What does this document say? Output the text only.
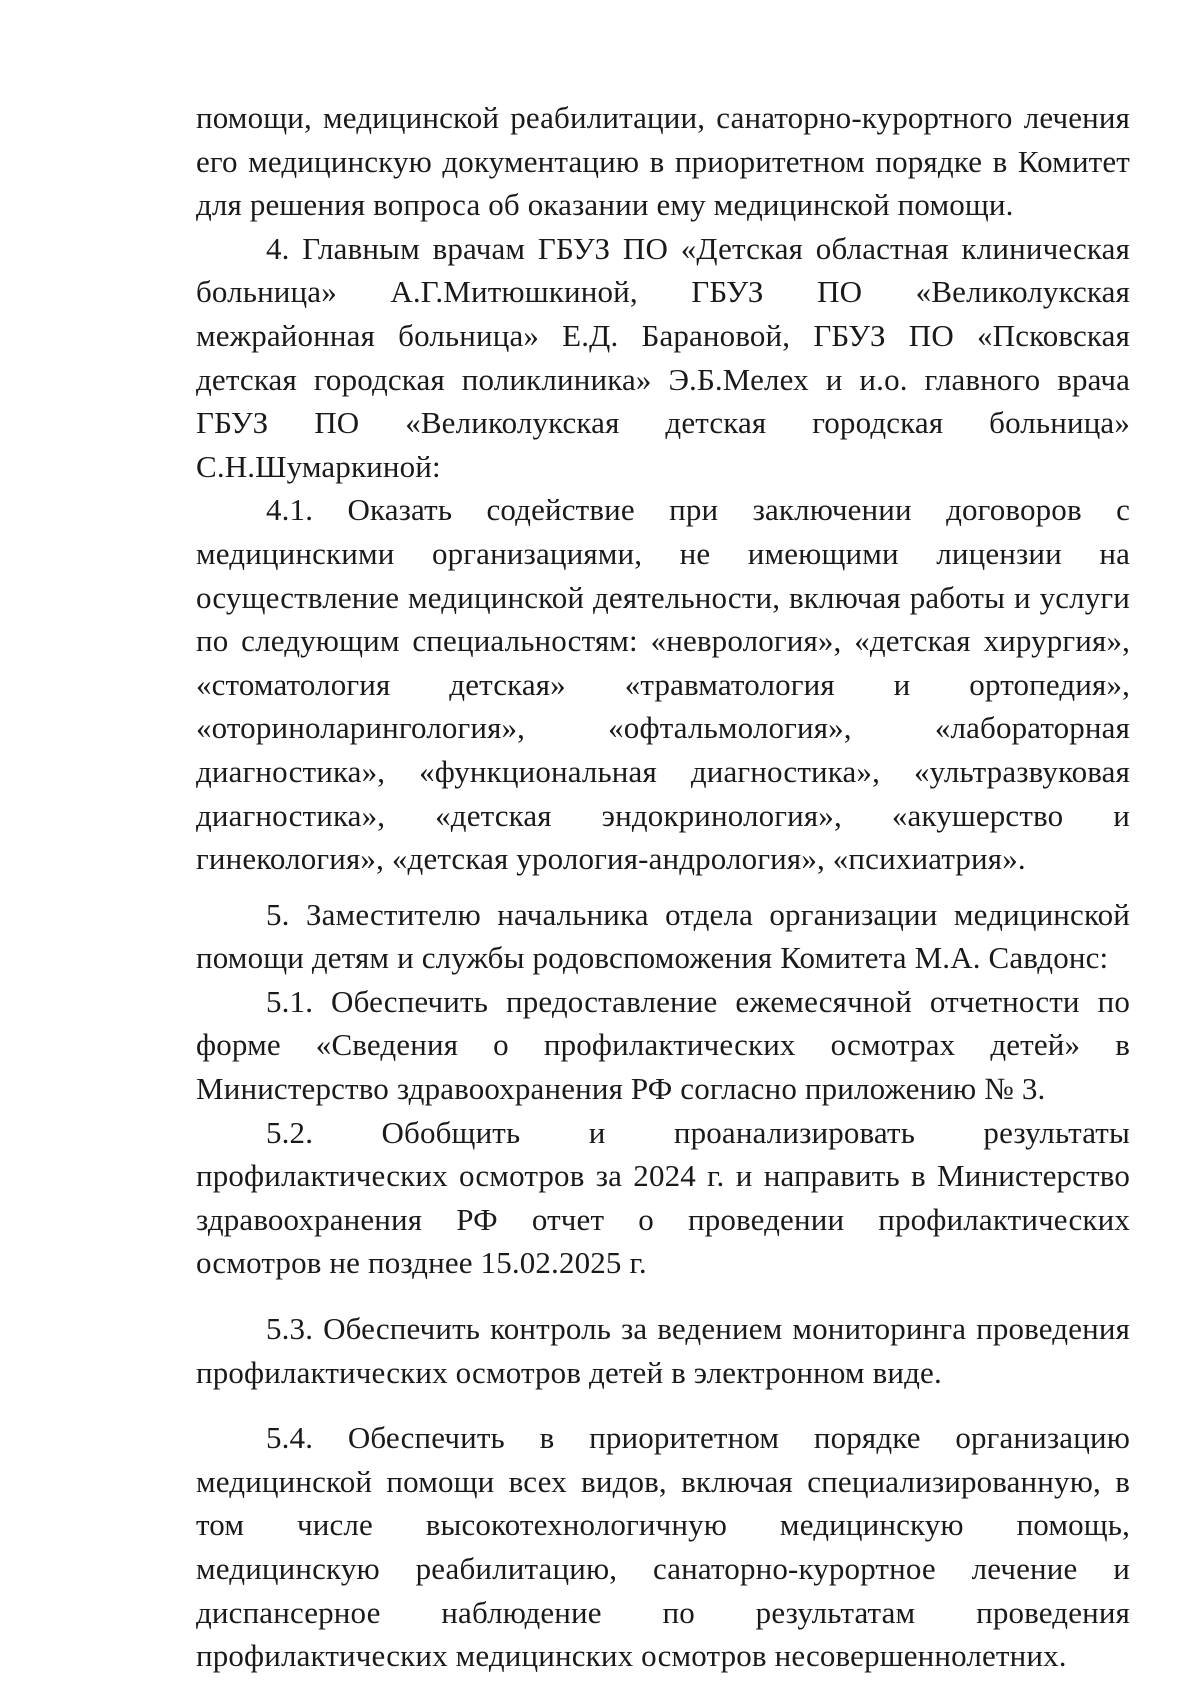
помощи, медицинской реабилитации, санаторно-курортного лечения его медицинскую документацию в приоритетном порядке в Комитет для решения вопроса об оказании ему медицинской помощи.

4. Главным врачам ГБУЗ ПО «Детская областная клиническая больница» А.Г.Митюшкиной, ГБУЗ ПО «Великолукская межрайонная больница» Е.Д. Барановой, ГБУЗ ПО «Псковская детская городская поликлиника» Э.Б.Мелех и и.о. главного врача ГБУЗ ПО «Великолукская детская городская больница» С.Н.Шумаркиной:

4.1. Оказать содействие при заключении договоров с медицинскими организациями, не имеющими лицензии на осуществление медицинской деятельности, включая работы и услуги по следующим специальностям: «неврология», «детская хирургия», «стоматология детская» «травматология и ортопедия», «оториноларингология», «офтальмология», «лабораторная диагностика», «функциональная диагностика», «ультразвуковая диагностика», «детская эндокринология», «акушерство и гинекология», «детская урология-андрология», «психиатрия».

5. Заместителю начальника отдела организации медицинской помощи детям и службы родовспоможения Комитета М.А. Савдонс:

5.1. Обеспечить предоставление ежемесячной отчетности по форме «Сведения о профилактических осмотрах детей» в Министерство здравоохранения РФ согласно приложению № 3.

5.2. Обобщить и проанализировать результаты профилактических осмотров за 2024 г. и направить в Министерство здравоохранения РФ отчет о проведении профилактических осмотров не позднее 15.02.2025 г.

5.3. Обеспечить контроль за ведением мониторинга проведения профилактических осмотров детей в электронном виде.

5.4. Обеспечить в приоритетном порядке организацию медицинской помощи всех видов, включая специализированную, в том числе высокотехнологичную медицинскую помощь, медицинскую реабилитацию, санаторно-курортное лечение и диспансерное наблюдение по результатам проведения профилактических медицинских осмотров несовершеннолетних.
